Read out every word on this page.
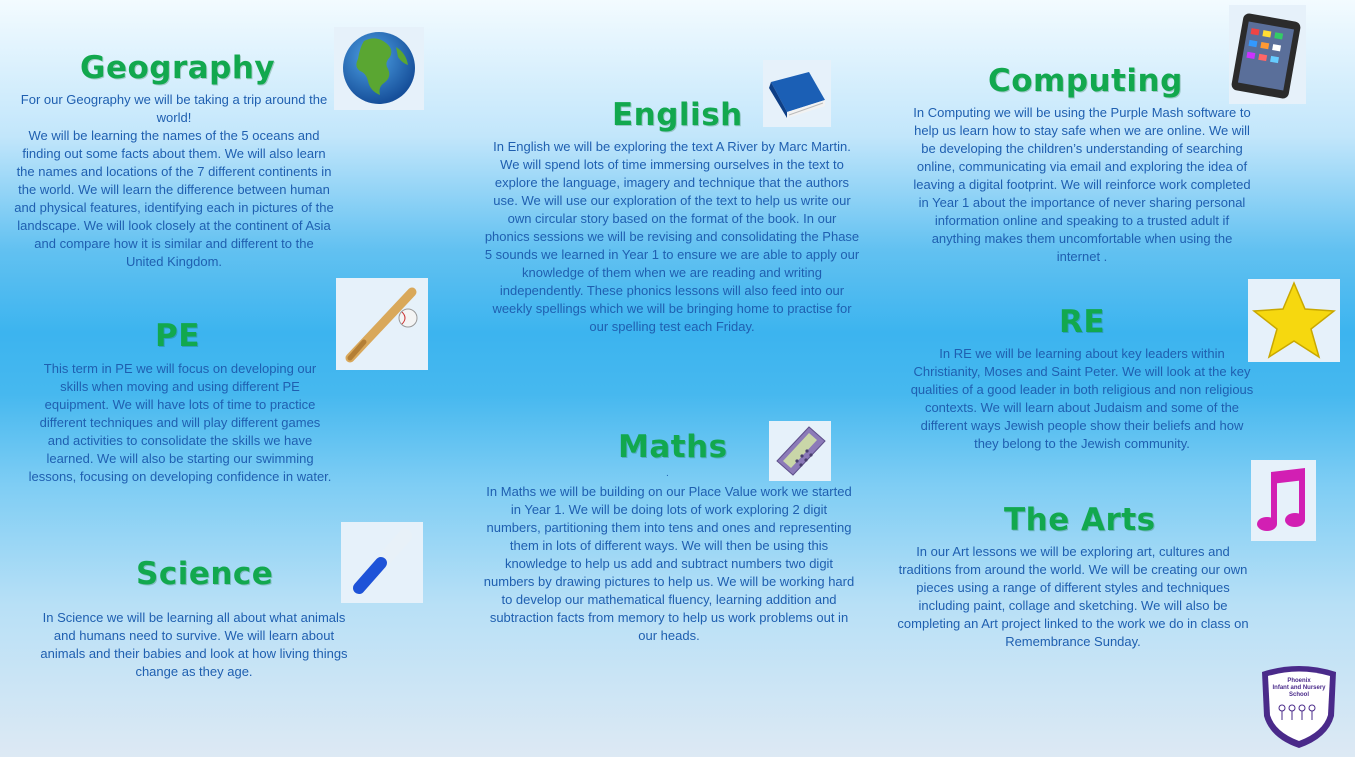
Geography
For our Geography we will be taking a trip around the world!
We will be learning the names of the 5 oceans and finding out some facts about them. We will also learn the names and locations of the 7 different continents in the world. We will learn the difference between human and physical features, identifying each in pictures of the landscape. We will look closely at the continent of Asia and compare how it is similar and different to the United Kingdom.
English
In English we will be exploring the text A River by Marc Martin. We will spend lots of time immersing ourselves in the text to explore the language, imagery and technique that the authors use. We will use our exploration of the text to help us write our own circular story based on the format of the book. In our phonics sessions we will be revising and consolidating the Phase 5 sounds we learned in Year 1 to ensure we are able to apply our knowledge of them when we are reading and writing independently. These phonics lessons will also feed into our weekly spellings which we will be bringing home to practise for our spelling test each Friday.
Computing
In Computing we will be using the Purple Mash software to help us learn how to stay safe when we are online. We will be developing the children’s understanding of searching online, communicating via email and exploring the idea of leaving a digital footprint. We will reinforce work completed in Year 1 about the importance of never sharing personal information online and speaking to a trusted adult if anything makes them uncomfortable when using the internet .
PE
This term in PE we will focus on developing our skills when moving and using different PE equipment. We will have lots of time to practice different techniques and will play different games and activities to consolidate the skills we have learned. We will also be starting our swimming lessons, focusing on developing confidence in water.
RE
In RE we will be learning about key leaders within Christianity, Moses and Saint Peter. We will look at the key qualities of a good leader in both religious and non religious contexts. We will learn about Judaism and some of the different ways Jewish people show their beliefs and how they belong to the Jewish community.
Maths
.
In Maths we will be building on our Place Value work we started in Year 1. We will be doing lots of work exploring 2 digit numbers, partitioning them into tens and ones and representing them in lots of different ways. We will then be using this knowledge to help us add and subtract numbers two digit numbers by drawing pictures to help us. We will be working hard to develop our mathematical fluency, learning addition and subtraction facts from memory to help us work problems out in our heads.
Science
In Science we will be learning all about what animals and humans need to survive. We will learn about animals and their babies and look at how living things change as they age.
The Arts
In our Art lessons we will be exploring art, cultures and traditions from around the world. We will be creating our own pieces using a range of different styles and techniques including paint, collage and sketching. We will also be completing an Art project linked to the work we do in class on Remembrance Sunday.
Phoenix
Infant and Nursery
School
